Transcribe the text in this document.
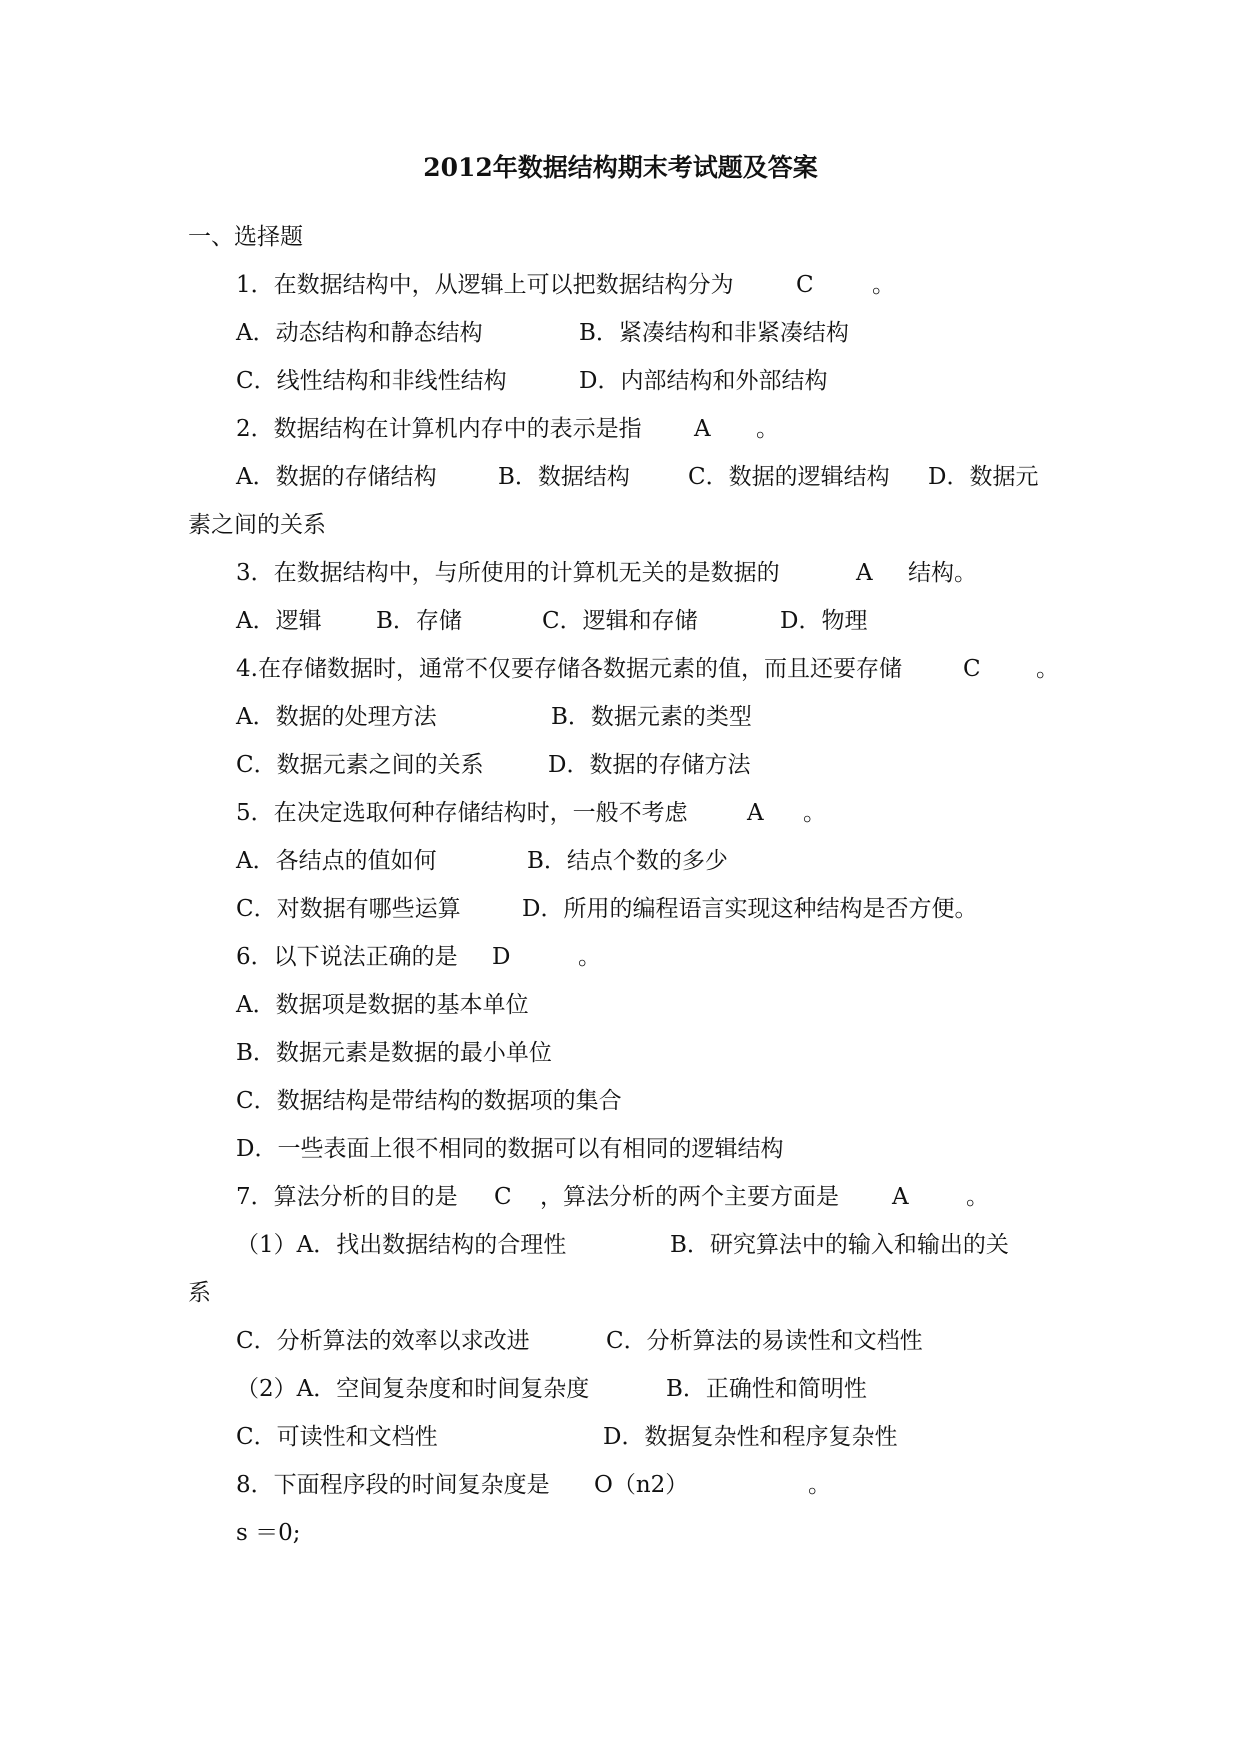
2012年数据结构期末考试题及答案
一、选择题
1．在数据结构中，从逻辑上可以把数据结构分为	C	。
A．动态结构和静态结构	B．紧凑结构和非紧凑结构
C．线性结构和非线性结构	D．内部结构和外部结构
2．数据结构在计算机内存中的表示是指 A 。
A．数据的存储结构	B．数据结构	C．数据的逻辑结构 D．数据元
素之间的关系
3．在数据结构中，与所使用的计算机无关的是数据的	A 结构。
A．逻辑 B．存储	C．逻辑和存储	D．物理
4.在存储数据时，通常不仅要存储各数据元素的值，而且还要存储	C 。
A．数据的处理方法	B．数据元素的类型
C．数据元素之间的关系	D．数据的存储方法
5．在决定选取何种存储结构时，一般不考虑	A 。
A．各结点的值如何	B．结点个数的多少
C．对数据有哪些运算	D．所用的编程语言实现这种结构是否方便。
6．以下说法正确的是 D	。
A．数据项是数据的基本单位
B．数据元素是数据的最小单位
C．数据结构是带结构的数据项的集合
D．一些表面上很不相同的数据可以有相同的逻辑结构
7．算法分析的目的是 C ，算法分析的两个主要方面是 A 。
（1）A．找出数据结构的合理性	B．研究算法中的输入和输出的关
系
C．分析算法的效率以求改进	C．分析算法的易读性和文档性
（2）A．空间复杂度和时间复杂度	B．正确性和简明性
C．可读性和文档性	D．数据复杂性和程序复杂性
8．下面程序段的时间复杂度是 O（n2）	。
s ＝0;
